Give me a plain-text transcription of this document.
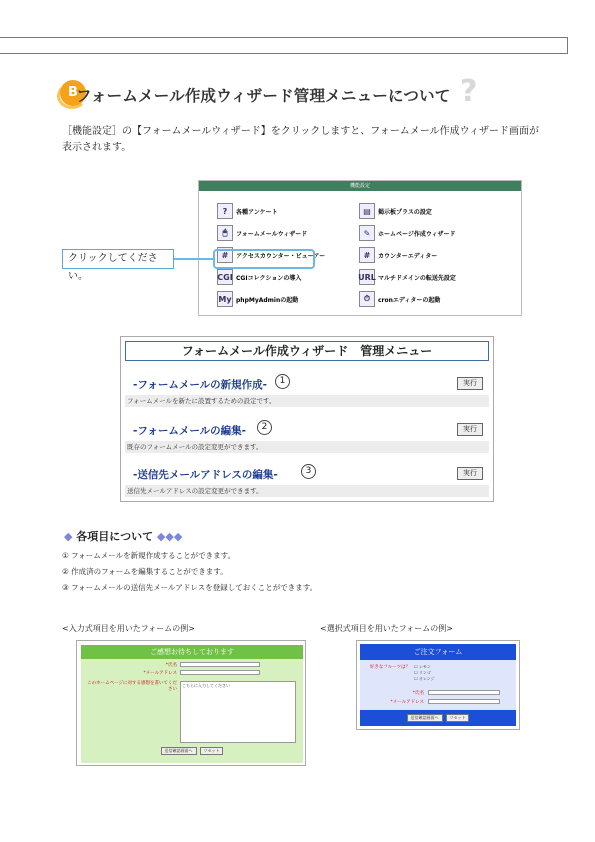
B
フォームメール作成ウィザード管理メニューについて ?
［機能設定］の【フォームメールウィザード】をクリックしますと、フォームメール作成ウィザード画面が表示されます。
機能設定
?	各種アンケート
🖱	フォームメールウィザード
#	アクセスカウンター・ビューアー
CGI CGIコレクションの導入
My phpMyAdminの起動
▤	掲示板プラスの設定
✎	ホームページ作成ウィザード
#	カウンターエディター
URL マルチドメインの転送先設定
⏱	cronエディターの起動
クリックしてください。
フォームメール作成ウィザード　管理メニュー
-フォームメールの新規作成-	1	実行
フォームメールを新たに設置するための設定です。
-フォームメールの編集-	2	実行
既存のフォームメールの設定変更ができます。
-送信先メールアドレスの編集-	3	実行
送信先メールアドレスの設定変更ができます。
◆ 各項目について ◆◆◆
① フォームメールを新規作成することができます。
② 作成済のフォームを編集することができます。
③ フォームメールの送信先メールアドレスを登録しておくことができます。
<入力式項目を用いたフォームの例>	<選択式項目を用いたフォームの例>
ご感想お待ちしております
*氏名
*メールアドレス
このホームページに対する感想を書いてください
こちらに入力してください
送信確認画面へ	リセット
ご注文フォーム
好きなフルーツは？ ☐ レモン
☐ リンゴ
☐ オレンジ
*氏名
*メールアドレス
送信確認画面へ	リセット
